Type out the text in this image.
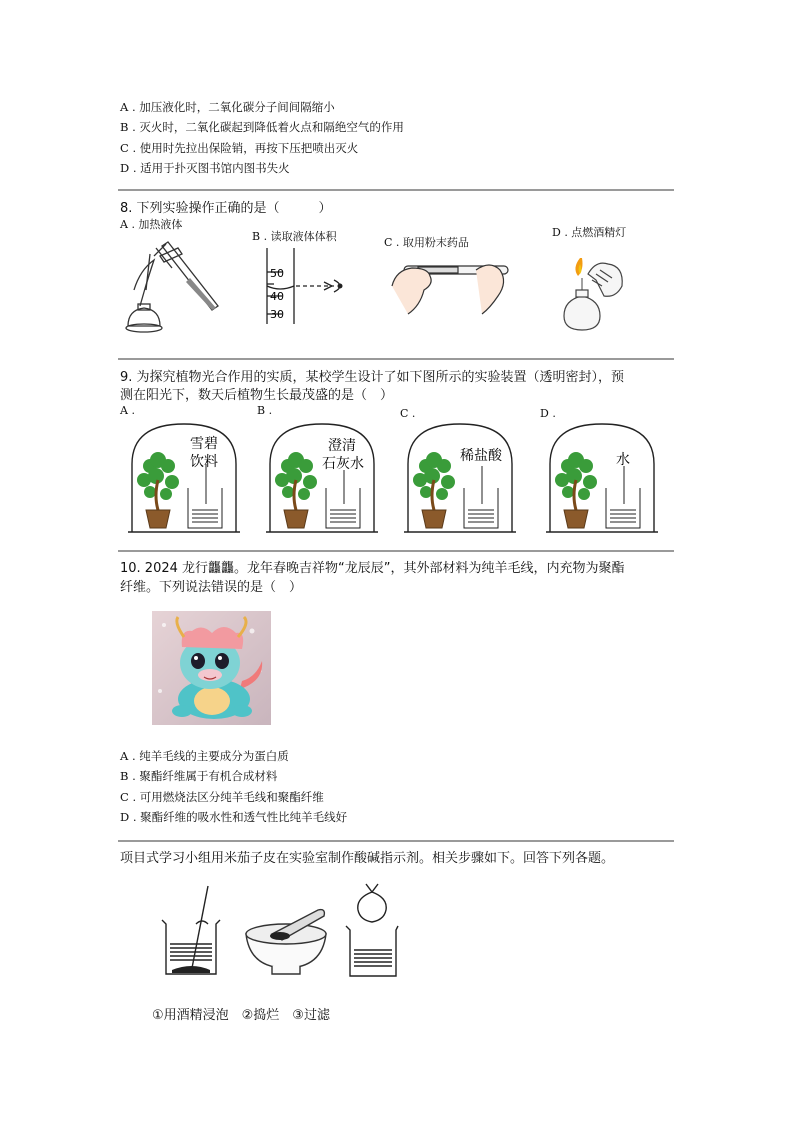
A . 加压液化时，二氧化碳分子间间隔缩小
B . 灭火时，二氧化碳起到降低着火点和隔绝空气的作用
C . 使用时先拉出保险销，再按下压把喷出灭火
D . 适用于扑灭图书馆内图书失火
8. 下列实验操作正确的是（　　　）
A . 加热液体
B . 读取液体体积	C . 取用粉末药品
D . 点燃酒精灯
50
40
30
9. 为探究植物光合作用的实质，某校学生设计了如下图所示的实验装置（透明密封），预
测在阳光下，数天后植物生长最茂盛的是（　）
A .	B .	C .	D .
雪碧
饮料
澄清
石灰水	稀盐酸	水
10. 2024 龙行龘龘。龙年春晚吉祥物“龙辰辰”，其外部材料为纯羊毛线，内充物为聚酯
纤维。下列说法错误的是（　）
A . 纯羊毛线的主要成分为蛋白质
B . 聚酯纤维属于有机合成材料
C . 可用燃烧法区分纯羊毛线和聚酯纤维
D . 聚酯纤维的吸水性和透气性比纯羊毛线好
项目式学习小组用米茄子皮在实验室制作酸碱指示剂。相关步骤如下。回答下列各题。
①用酒精浸泡　②捣烂　③过滤
